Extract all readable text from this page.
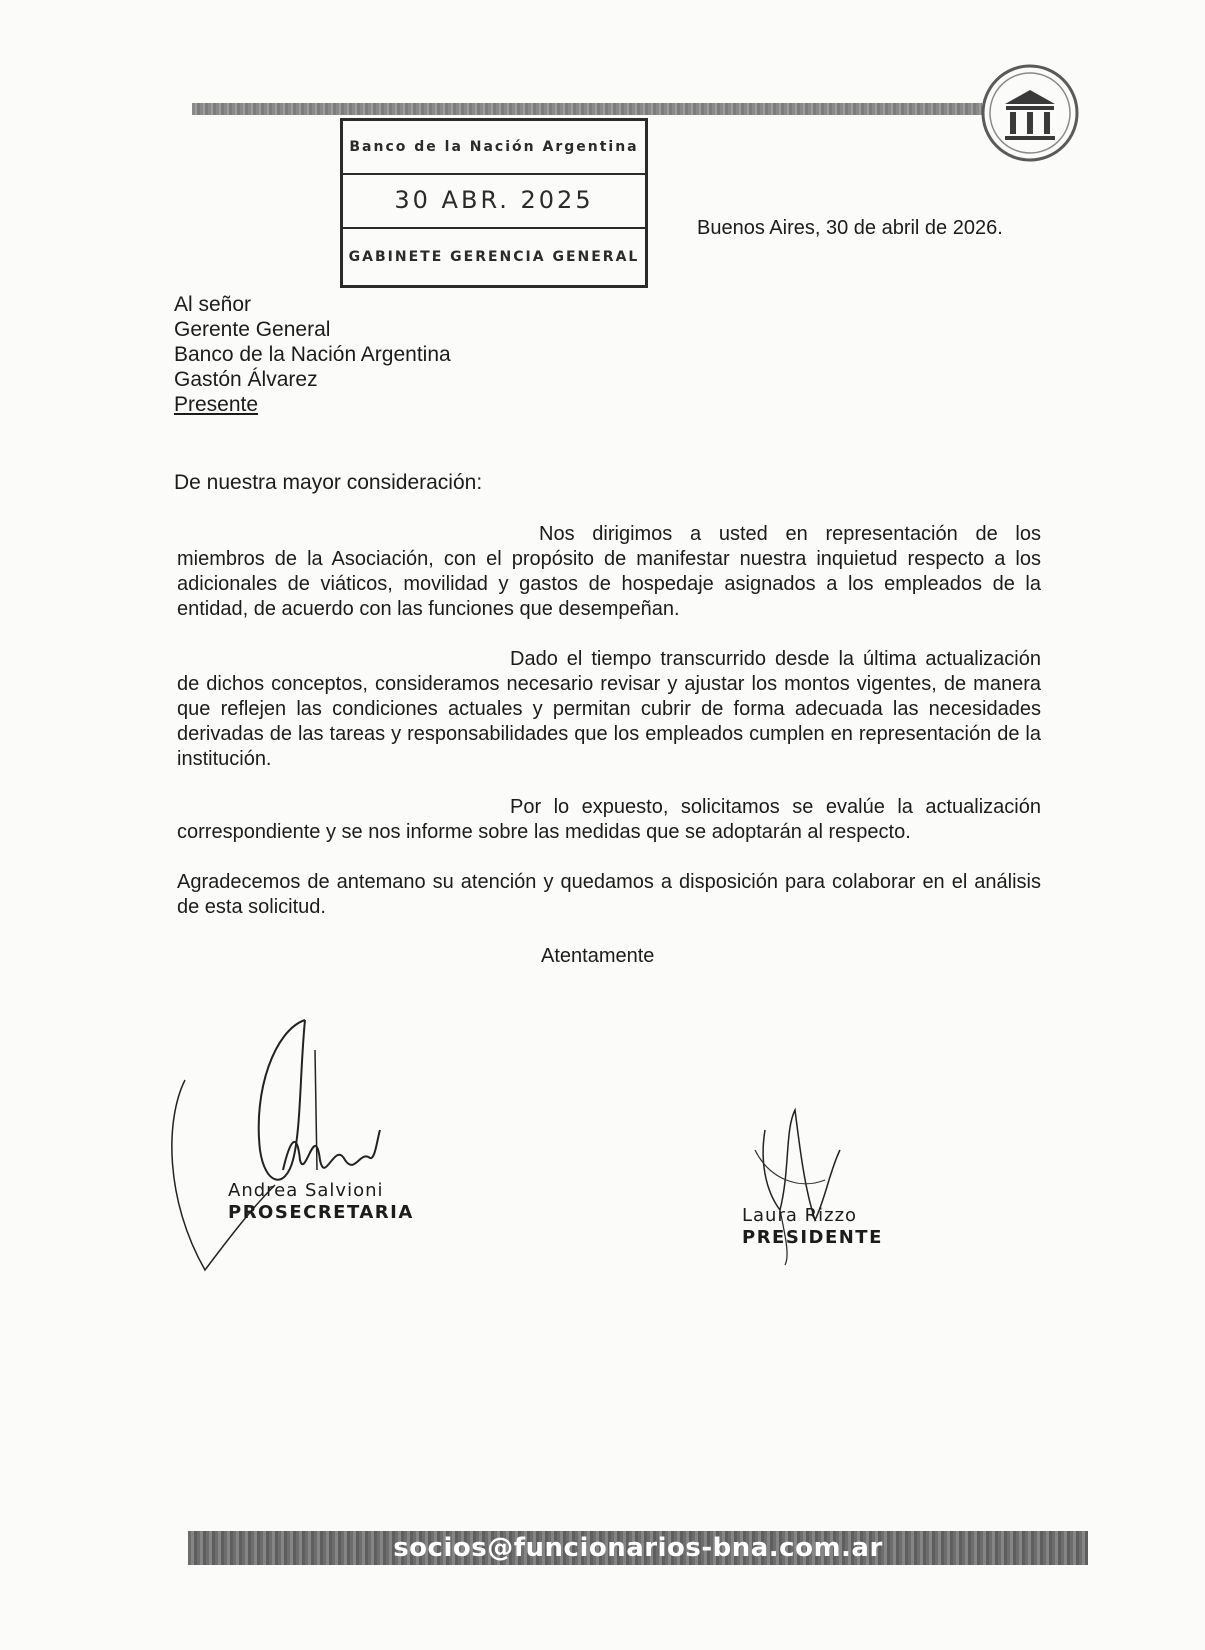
Banco de la Nación Argentina
30 ABR. 2025
GABINETE GERENCIA GENERAL
Buenos Aires, 30 de abril de 2026.
Al señor
Gerente General
Banco de la Nación Argentina
Gastón Álvarez
Presente
De nuestra mayor consideración:
Nos dirigimos a usted en representación de los miembros de la Asociación, con el propósito de manifestar nuestra inquietud respecto a los adicionales de viáticos, movilidad y gastos de hospedaje asignados a los empleados de la entidad, de acuerdo con las funciones que desempeñan.
Dado el tiempo transcurrido desde la última actualización de dichos conceptos, consideramos necesario revisar y ajustar los montos vigentes, de manera que reflejen las condiciones actuales y permitan cubrir de forma adecuada las necesidades derivadas de las tareas y responsabilidades que los empleados cumplen en representación de la institución.
Por lo expuesto, solicitamos se evalúe la actualización correspondiente y se nos informe sobre las medidas que se adoptarán al respecto.
Agradecemos de antemano su atención y quedamos a disposición para colaborar en el análisis de esta solicitud.
Atentamente
Andrea Salvioni
PROSECRETARIA	Laura Rizzo
PRESIDENTE
socios@funcionarios-bna.com.ar
